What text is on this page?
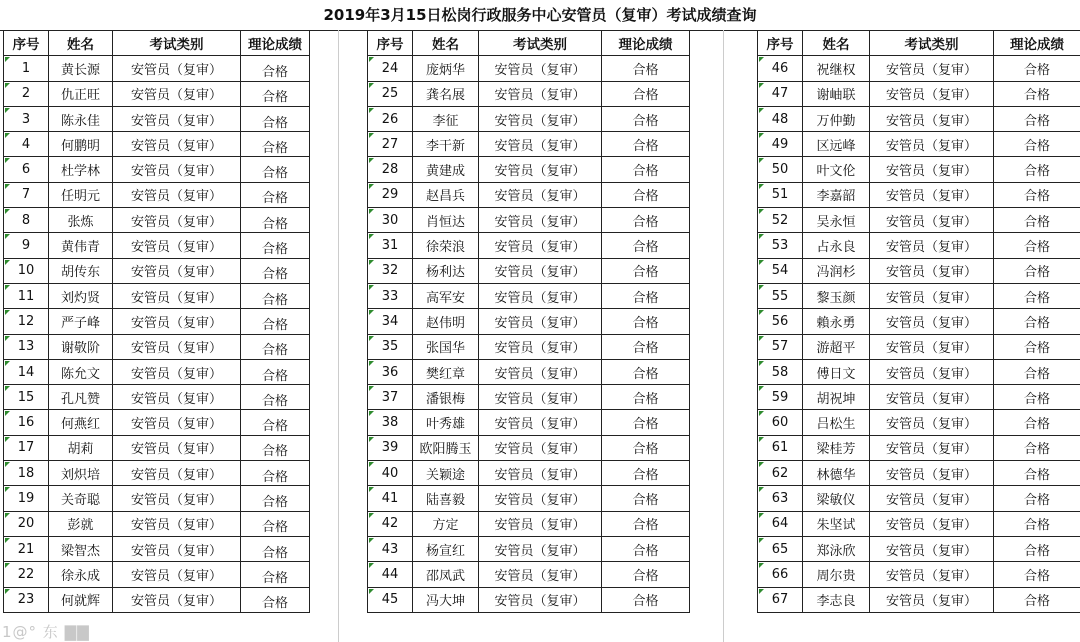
2019年3月15日松岗行政服务中心安管员（复审）考试成绩查询
序号	姓名	考试类别	理论成绩
1	黄长源	安管员（复审）	合格
2	仇正旺	安管员（复审）	合格
3	陈永佳	安管员（复审）	合格
4	何鹏明	安管员（复审）	合格
6	杜学林	安管员（复审）	合格
7	任明元	安管员（复审）	合格
8	张炼	安管员（复审）	合格
9	黄伟青	安管员（复审）	合格
10	胡传东	安管员（复审）	合格
11	刘灼贤	安管员（复审）	合格
12	严子峰	安管员（复审）	合格
13	谢敬阶	安管员（复审）	合格
14	陈允文	安管员（复审）	合格
15	孔凡赞	安管员（复审）	合格
16	何燕红	安管员（复审）	合格
17	胡莉	安管员（复审）	合格
18	刘炽培	安管员（复审）	合格
19	关奇聪	安管员（复审）	合格
20	彭就	安管员（复审）	合格
21	梁智杰	安管员（复审）	合格
22	徐永成	安管员（复审）	合格
23	何就辉	安管员（复审）	合格
序号	姓名	考试类别	理论成绩
24	庞炳华	安管员（复审）	合格
25	龚名展	安管员（复审）	合格
26	李征	安管员（复审）	合格
27	李干新	安管员（复审）	合格
28	黄建成	安管员（复审）	合格
29	赵昌兵	安管员（复审）	合格
30	肖恒达	安管员（复审）	合格
31	徐荣浪	安管员（复审）	合格
32	杨利达	安管员（复审）	合格
33	高军安	安管员（复审）	合格
34	赵伟明	安管员（复审）	合格
35	张国华	安管员（复审）	合格
36	樊红章	安管员（复审）	合格
37	潘银梅	安管员（复审）	合格
38	叶秀雄	安管员（复审）	合格
39	欧阳腾玉	安管员（复审）	合格
40	关颖途	安管员（复审）	合格
41	陆喜毅	安管员（复审）	合格
42	方定	安管员（复审）	合格
43	杨宣红	安管员（复审）	合格
44	邵凤武	安管员（复审）	合格
45	冯大坤	安管员（复审）	合格
序号	姓名	考试类别	理论成绩
46	祝继权	安管员（复审）	合格
47	谢岫联	安管员（复审）	合格
48	万仲勤	安管员（复审）	合格
49	区远峰	安管员（复审）	合格
50	叶文伦	安管员（复审）	合格
51	李嘉韶	安管员（复审）	合格
52	吴永恒	安管员（复审）	合格
53	占永良	安管员（复审）	合格
54	冯润杉	安管员（复审）	合格
55	黎玉颜	安管员（复审）	合格
56	賴永勇	安管员（复审）	合格
57	游超平	安管员（复审）	合格
58	傅日文	安管员（复审）	合格
59	胡祝坤	安管员（复审）	合格
60	吕松生	安管员（复审）	合格
61	梁桂芳	安管员（复审）	合格
62	林德华	安管员（复审）	合格
63	梁敏仪	安管员（复审）	合格
64	朱坚试	安管员（复审）	合格
65	郑泳欣	安管员（复审）	合格
66	周尔贵	安管员（复审）	合格
67	李志良	安管员（复审）	合格
1@° 东 ▇▇
